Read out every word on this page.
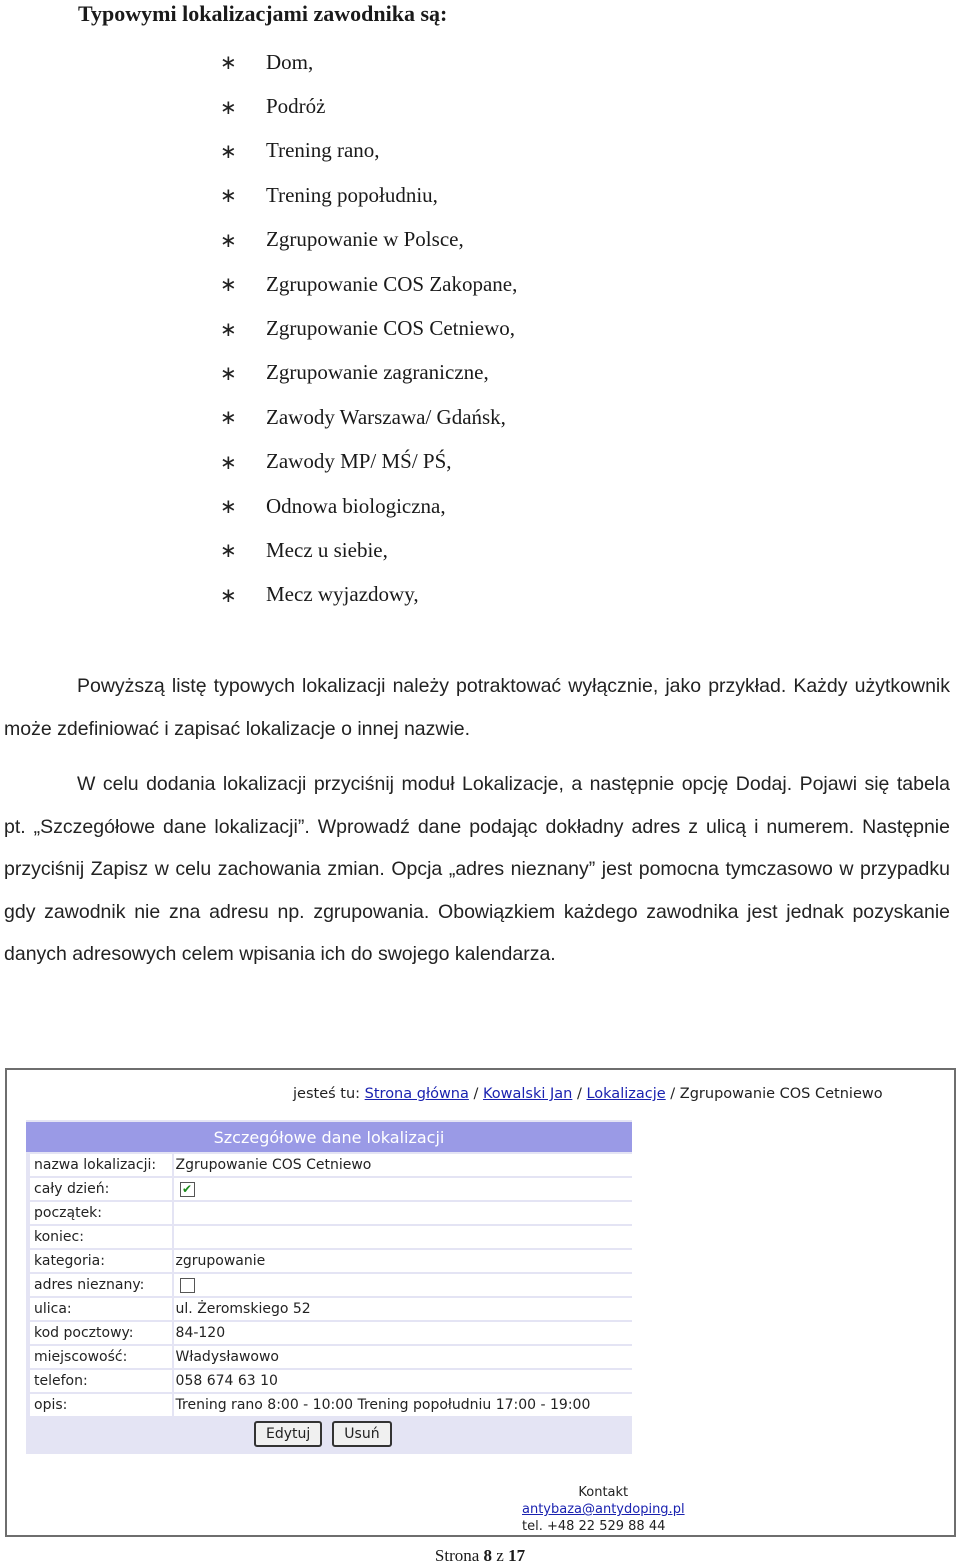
Typowymi lokalizacjami zawodnika są:
∗	Dom,
∗	Podróż
∗	Trening rano,
∗	Trening popołudniu,
∗	Zgrupowanie w Polsce,
∗	Zgrupowanie COS Zakopane,
∗	Zgrupowanie COS Cetniewo,
∗	Zgrupowanie zagraniczne,
∗	Zawody Warszawa/ Gdańsk,
∗	Zawody MP/ MŚ/ PŚ,
∗	Odnowa biologiczna,
∗	Mecz u siebie,
∗	Mecz wyjazdowy,

Powyższą listę typowych lokalizacji należy potraktować wyłącznie, jako przykład. Każdy użytkownik może zdefiniować i zapisać lokalizacje o innej nazwie.

W celu dodania lokalizacji przyciśnij moduł Lokalizacje, a następnie opcję Dodaj. Pojawi się tabela pt. „Szczegółowe dane lokalizacji”. Wprowadź dane podając dokładny adres z ulicą i numerem. Następnie przyciśnij Zapisz w celu zachowania zmian. Opcja „adres nieznany” jest pomocna tymczasowo w przypadku gdy zawodnik nie zna adresu np. zgrupowania. Obowiązkiem każdego zawodnika jest jednak pozyskanie danych adresowych celem wpisania ich do swojego kalendarza.

jesteś tu: Strona główna / Kowalski Jan / Lokalizacje / Zgrupowanie COS Cetniewo
Szczegółowe dane lokalizacji
nazwa lokalizacji:	Zgrupowanie COS Cetniewo
cały dzień:	✔
początek:
koniec:
kategoria:	zgrupowanie
adres nieznany:
ulica:	ul. Żeromskiego 52
kod pocztowy:	84-120
miejscowość:	Władysławowo
telefon:	058 674 63 10
opis:	Trening rano 8:00 - 10:00 Trening popołudniu 17:00 - 19:00
Edytuj	Usuń
Kontakt
antybaza@antydoping.pl
tel. +48 22 529 88 44
Strona 8 z 17
